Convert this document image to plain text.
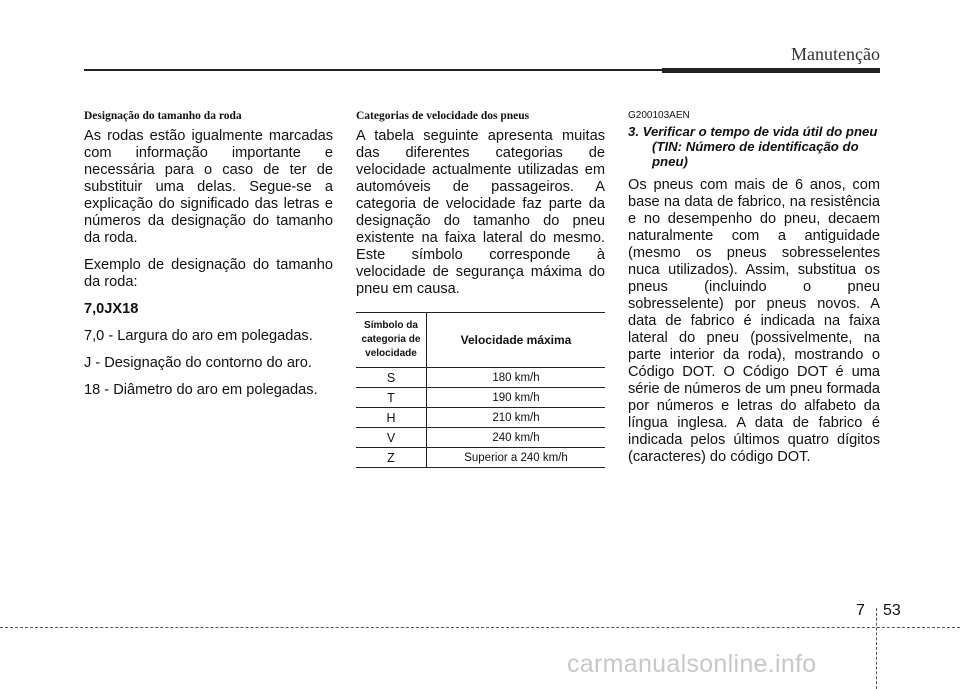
Manutenção
Designação do tamanho da roda

As rodas estão igualmente marcadas com informação importante e necessária para o caso de ter de substituir uma delas. Segue-se a explicação do significado das letras e números da designação do tamanho da roda.

Exemplo de designação do tamanho da roda:

7,0JX18

7,0 - Largura do aro em polegadas.

J - Designação do contorno do aro.

18 - Diâmetro do aro em polegadas.

Categorias de velocidade dos pneus

A tabela seguinte apresenta muitas das diferentes categorias de velocidade actualmente utilizadas em automóveis de passageiros. A categoria de velocidade faz parte da designação do tamanho do pneu existente na faixa lateral do mesmo. Este símbolo corresponde à velocidade de segurança máxima do pneu em causa.

Símbolo da categoria de velocidade	Velocidade máxima
S	180 km/h
T	190 km/h
H	210 km/h
V	240 km/h
Z	Superior a 240 km/h
G200103AEN
3. Verificar o tempo de vida útil do pneu (TIN: Número de identificação do pneu)

Os pneus com mais de 6 anos, com base na data de fabrico, na resistência e no desempenho do pneu, decaem naturalmente com a antiguidade (mesmo os pneus sobresselentes nuca utilizados). Assim, substitua os pneus (incluindo o pneu sobresselente) por pneus novos. A data de fabrico é indicada na faixa lateral do pneu (possivelmente, na parte interior da roda), mostrando o Código DOT. O Código DOT é uma série de números de um pneu formada por números e letras do alfabeto da língua inglesa. A data de fabrico é indicada pelos últimos quatro dígitos (caracteres) do código DOT.

7 53
carmanualsonline.info
